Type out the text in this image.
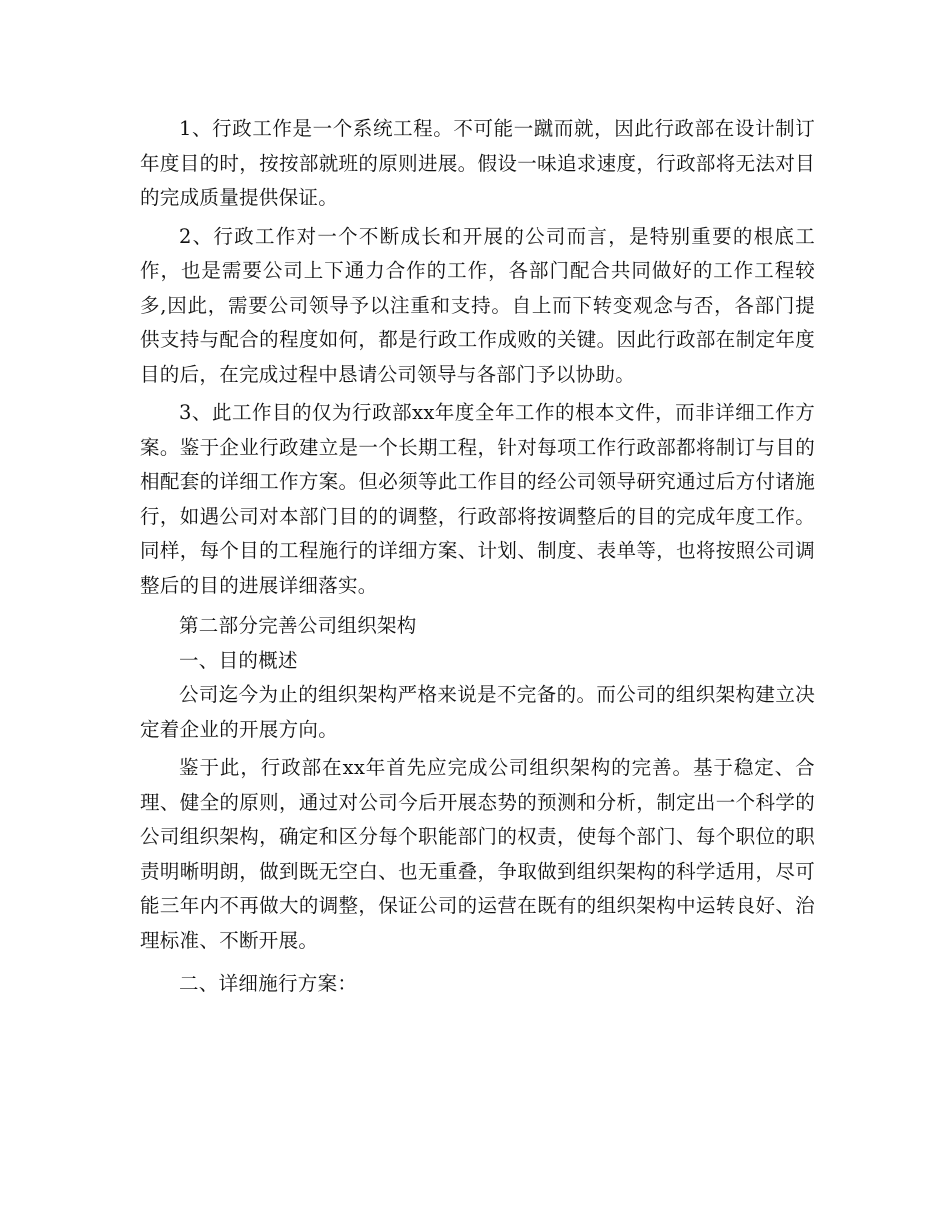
1、行政工作是一个系统工程。不可能一蹴而就，因此行政部在设计制订年度目的时，按按部就班的原则进展。假设一味追求速度，行政部将无法对目的完成质量提供保证。

2、行政工作对一个不断成长和开展的公司而言，是特别重要的根底工作，也是需要公司上下通力合作的工作，各部门配合共同做好的工作工程较多,因此，需要公司领导予以注重和支持。自上而下转变观念与否，各部门提供支持与配合的程度如何，都是行政工作成败的关键。因此行政部在制定年度目的后，在完成过程中恳请公司领导与各部门予以协助。

3、此工作目的仅为行政部xx年度全年工作的根本文件，而非详细工作方案。鉴于企业行政建立是一个长期工程，针对每项工作行政部都将制订与目的相配套的详细工作方案。但必须等此工作目的经公司领导研究通过后方付诸施行，如遇公司对本部门目的的调整，行政部将按调整后的目的完成年度工作。同样，每个目的工程施行的详细方案、计划、制度、表单等，也将按照公司调整后的目的进展详细落实。

第二部分完善公司组织架构

一、目的概述

公司迄今为止的组织架构严格来说是不完备的。而公司的组织架构建立决定着企业的开展方向。

鉴于此，行政部在xx年首先应完成公司组织架构的完善。基于稳定、合理、健全的原则，通过对公司今后开展态势的预测和分析，制定出一个科学的公司组织架构，确定和区分每个职能部门的权责，使每个部门、每个职位的职责明晰明朗，做到既无空白、也无重叠，争取做到组织架构的科学适用，尽可能三年内不再做大的调整，保证公司的运营在既有的组织架构中运转良好、治理标准、不断开展。

二、详细施行方案：
